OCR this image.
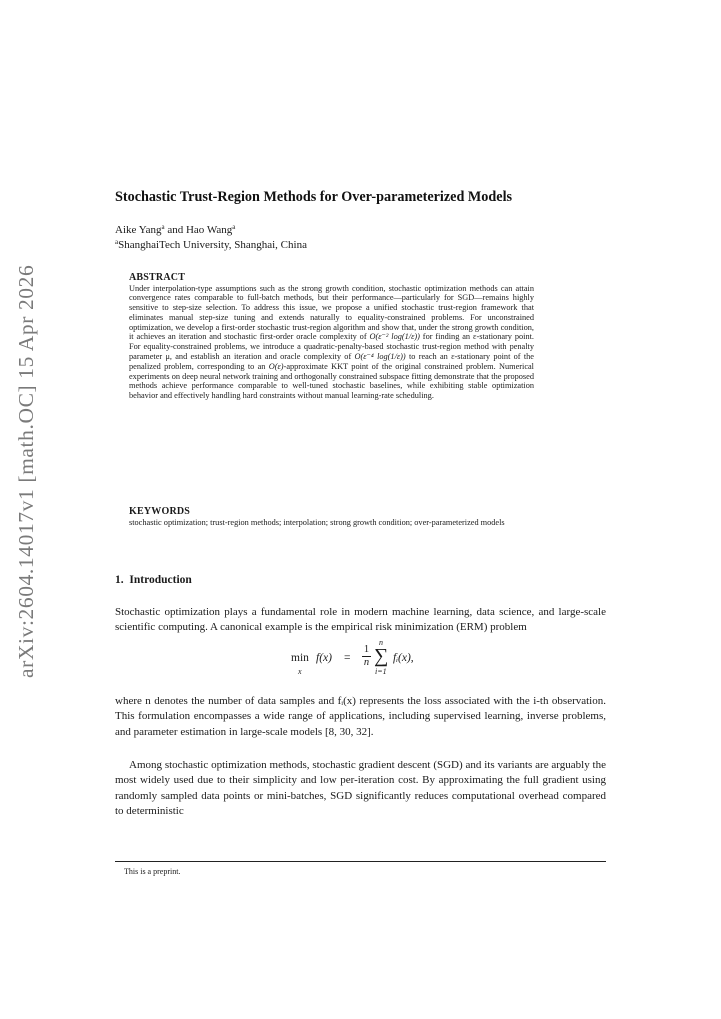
arXiv:2604.14017v1 [math.OC] 15 Apr 2026
Stochastic Trust-Region Methods for Over-parameterized Models
Aike Yang$^a$ and Hao Wang$^a$
$^a$ShanghaiTech University, Shanghai, China
ABSTRACT
Under interpolation-type assumptions such as the strong growth condition, stochastic optimization methods can attain convergence rates comparable to full-batch methods, but their performance—particularly for SGD—remains highly sensitive to step-size selection. To address this issue, we propose a unified stochastic trust-region framework that eliminates manual step-size tuning and extends naturally to equality-constrained problems. For unconstrained optimization, we develop a first-order stochastic trust-region algorithm and show that, under the strong growth condition, it achieves an iteration and stochastic first-order oracle complexity of O(ε⁻² log(1/ε)) for finding an ε-stationary point. For equality-constrained problems, we introduce a quadratic-penalty-based stochastic trust-region method with penalty parameter μ, and establish an iteration and oracle complexity of O(ε⁻⁴ log(1/ε)) to reach an ε-stationary point of the penalized problem, corresponding to an O(ε)-approximate KKT point of the original constrained problem. Numerical experiments on deep neural network training and orthogonally constrained subspace fitting demonstrate that the proposed methods achieve performance comparable to well-tuned stochastic baselines, while exhibiting stable optimization behavior and effectively handling hard constraints without manual learning-rate scheduling.
KEYWORDS
stochastic optimization; trust-region methods; interpolation; strong growth condition; over-parameterized models
1. Introduction
Stochastic optimization plays a fundamental role in modern machine learning, data science, and large-scale scientific computing. A canonical example is the empirical risk minimization (ERM) problem
min
x
$f(x) = \frac{1}{n}$ ∑
n
i=1
fᵢ(x),
where n denotes the number of data samples and fᵢ(x) represents the loss associated with the i-th observation. This formulation encompasses a wide range of applications, including supervised learning, inverse problems, and parameter estimation in large-scale models [8, 30, 32].
Among stochastic optimization methods, stochastic gradient descent (SGD) and its variants are arguably the most widely used due to their simplicity and low per-iteration cost. By approximating the full gradient using randomly sampled data points or mini-batches, SGD significantly reduces computational overhead compared to deterministic
This is a preprint.
